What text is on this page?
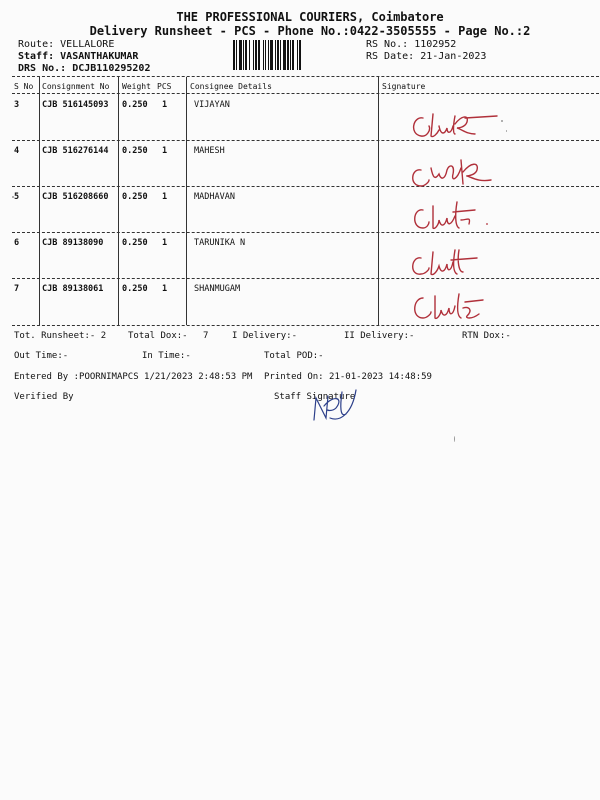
THE PROFESSIONAL COURIERS, Coimbatore
Delivery Runsheet - PCS - Phone No.:0422-3505555 - Page No.:2
Route: VELLALORE
Staff: VASANTHAKUMAR
DRS No.: DCJB110295202
RS No.: 1102952
RS Date: 21-Jan-2023
S No Consignment No Weight PCS Consignee Details	Signature
3	CJB 516145093 0.250 1	VIJAYAN
4	CJB 516276144 0.250 1	MAHESH
5	CJB 516208660 0.250 1	MADHAVAN
6	CJB 89138090 0.250 1	TARUNIKA N
7	CJB 89138061 0.250 1	SHANMUGAM
Tot. Runsheet:- 2 Total Dox:- 7	I Delivery:-	II Delivery:-	RTN Dox:-
Out Time:-	In Time:-	Total POD:-
Entered By :POORNIMAPCS 1/21/2023 2:48:53 PM Printed On: 21-01-2023 14:48:59
Verified By	Staff Signature
